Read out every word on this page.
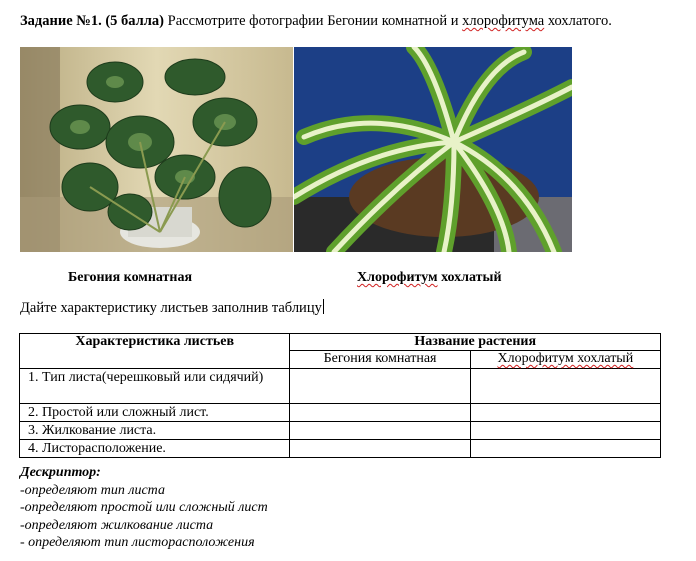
Задание №1. (5 балла) Рассмотрите фотографии Бегонии комнатной и хлорофитума хохлатого.
Бегония комнатная	Хлорофитум хохлатый
Дайте характеристику листьев заполнив таблицу
Характеристика листьев	Название растения	
	Бегония комнатная	Хлорофитум хохлатый
1. Тип листа(черешковый или сидячий)		
2. Простой или сложный лист.		
3. Жилкование листа.		
4. Листорасположение.		
Дескриптор:
-определяют тип листа
-определяют простой или сложный лист
-определяют жилкование листа
- определяют тип листорасположения
